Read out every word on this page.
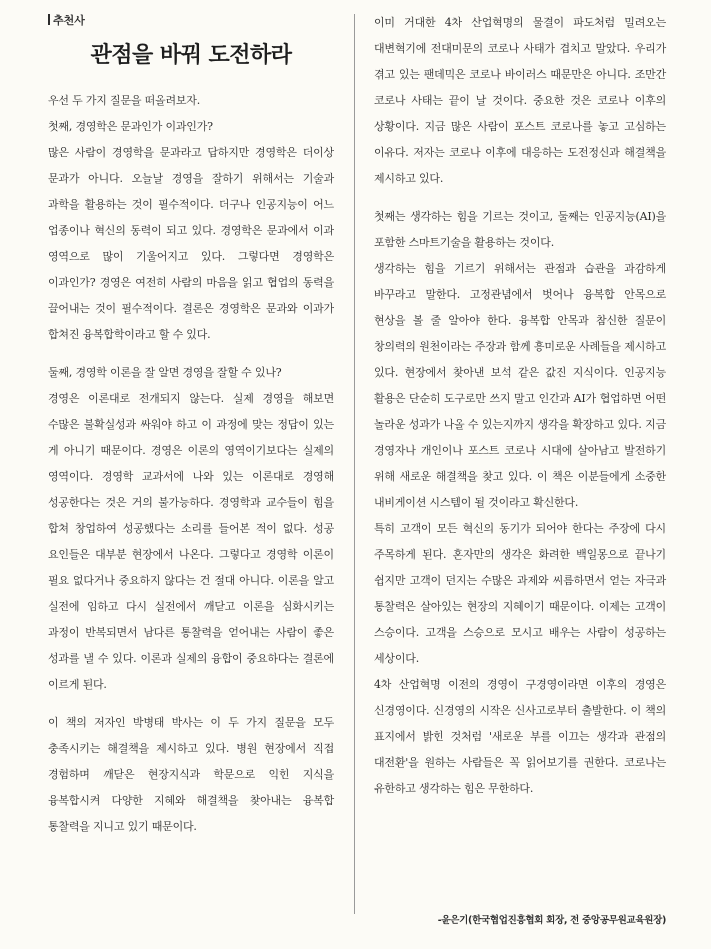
추천사
관점을 바꿔 도전하라

우선 두 가지 질문을 떠올려보자.

첫째, 경영학은 문과인가 이과인가?

많은 사람이 경영학을 문과라고 답하지만 경영학은 더이상 문과가 아니다. 오늘날 경영을 잘하기 위해서는 기술과 과학을 활용하는 것이 필수적이다. 더구나 인공지능이 어느 업종이나 혁신의 동력이 되고 있다. 경영학은 문과에서 이과 영역으로 많이 기울어지고 있다. 그렇다면 경영학은 이과인가? 경영은 여전히 사람의 마음을 읽고 협업의 동력을 끌어내는 것이 필수적이다. 결론은 경영학은 문과와 이과가 합쳐진 융복합학이라고 할 수 있다.

둘째, 경영학 이론을 잘 알면 경영을 잘할 수 있나?

경영은 이론대로 전개되지 않는다. 실제 경영을 해보면 수많은 불확실성과 싸워야 하고 이 과정에 맞는 정답이 있는 게 아니기 때문이다. 경영은 이론의 영역이기보다는 실제의 영역이다. 경영학 교과서에 나와 있는 이론대로 경영해 성공한다는 것은 거의 불가능하다. 경영학과 교수들이 힘을 합쳐 창업하여 성공했다는 소리를 들어본 적이 없다. 성공 요인들은 대부분 현장에서 나온다. 그렇다고 경영학 이론이 필요 없다거나 중요하지 않다는 건 절대 아니다. 이론을 알고 실전에 임하고 다시 실전에서 깨닫고 이론을 심화시키는 과정이 반복되면서 남다른 통찰력을 얻어내는 사람이 좋은 성과를 낼 수 있다. 이론과 실제의 융합이 중요하다는 결론에 이르게 된다.

이 책의 저자인 박병태 박사는 이 두 가지 질문을 모두 충족시키는 해결책을 제시하고 있다. 병원 현장에서 직접 경험하며 깨닫은 현장지식과 학문으로 익힌 지식을 융복합시켜 다양한 지혜와 해결책을 찾아내는 융복합 통찰력을 지니고 있기 때문이다.

이미 거대한 4차 산업혁명의 물결이 파도처럼 밀려오는 대변혁기에 전대미문의 코로나 사태가 겹치고 말았다. 우리가 겪고 있는 팬데믹은 코로나 바이러스 때문만은 아니다. 조만간 코로나 사태는 끝이 날 것이다. 중요한 것은 코로나 이후의 상황이다. 지금 많은 사람이 포스트 코로나를 놓고 고심하는 이유다. 저자는 코로나 이후에 대응하는 도전정신과 해결책을 제시하고 있다.

첫째는 생각하는 힘을 기르는 것이고, 둘째는 인공지능(AI)을 포함한 스마트기술을 활용하는 것이다.

생각하는 힘을 기르기 위해서는 관점과 습관을 과감하게 바꾸라고 말한다. 고정관념에서 벗어나 융복합 안목으로 현상을 볼 줄 알아야 한다. 융복합 안목과 참신한 질문이 창의력의 원천이라는 주장과 함께 흥미로운 사례들을 제시하고 있다. 현장에서 찾아낸 보석 같은 값진 지식이다. 인공지능 활용은 단순히 도구로만 쓰지 말고 인간과 AI가 협업하면 어떤 놀라운 성과가 나올 수 있는지까지 생각을 확장하고 있다. 지금 경영자나 개인이나 포스트 코로나 시대에 살아남고 발전하기 위해 새로운 해결책을 찾고 있다. 이 책은 이분들에게 소중한 내비게이션 시스템이 될 것이라고 확신한다.

특히 고객이 모든 혁신의 동기가 되어야 한다는 주장에 다시 주목하게 된다. 혼자만의 생각은 화려한 백일몽으로 끝나기 쉽지만 고객이 던지는 수많은 과제와 씨름하면서 얻는 자극과 통찰력은 살아있는 현장의 지혜이기 때문이다. 이제는 고객이 스승이다. 고객을 스승으로 모시고 배우는 사람이 성공하는 세상이다.

4차 산업혁명 이전의 경영이 구경영이라면 이후의 경영은 신경영이다. 신경영의 시작은 신사고로부터 출발한다. 이 책의 표지에서 밝힌 것처럼 '새로운 부를 이끄는 생각과 관점의 대전환'을 원하는 사람들은 꼭 읽어보기를 권한다. 코로나는 유한하고 생각하는 힘은 무한하다.

-윤은기(한국협업진흥협회 회장, 전 중앙공무원교육원장)
